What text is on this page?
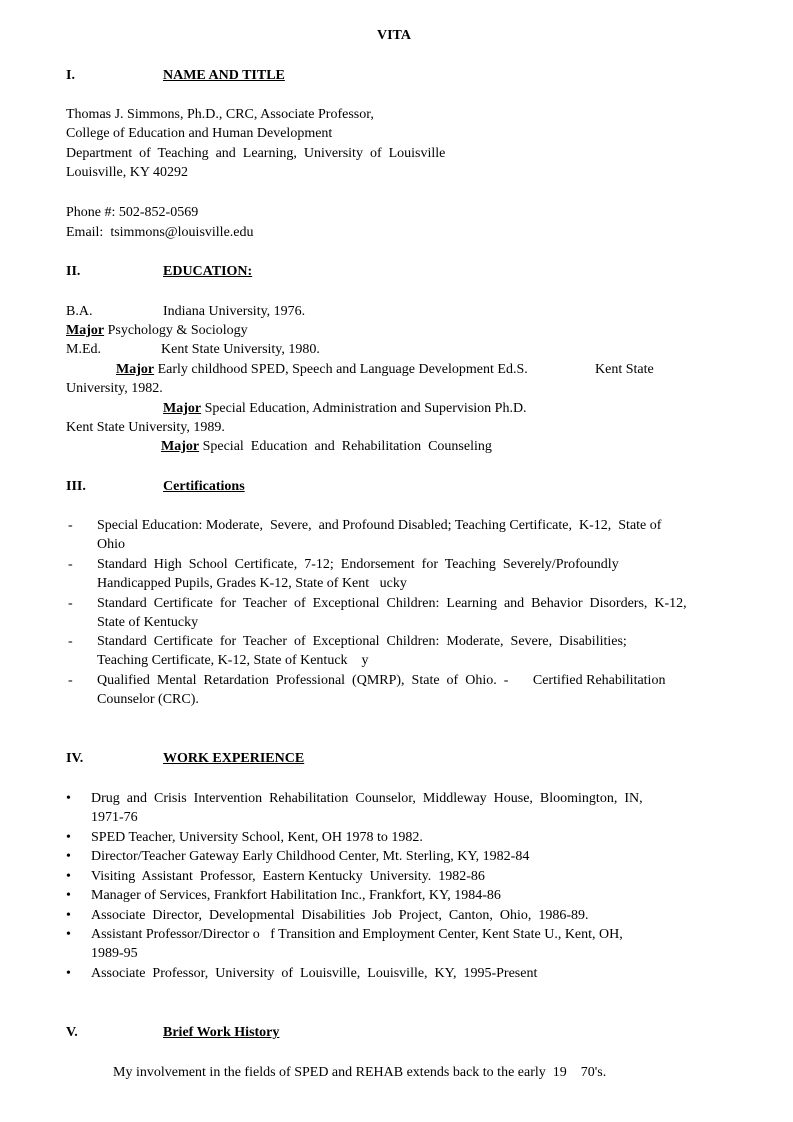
VITA
I.	NAME AND TITLE
Thomas J. Simmons, Ph.D., CRC, Associate Professor,
College of Education and Human Development
Department  of  Teaching  and  Learning,  University  of  Louisville
Louisville, KY 40292
Phone #: 502-852-0569
Email:  tsimmons@louisville.edu
II.	EDUCATION:
B.A.	Indiana University, 1976.
Major Psychology & Sociology
M.Ed.	Kent State University, 1980.
Major Early childhood SPED, Speech and Language Development Ed.S.	Kent State
University, 1982.
Major Special Education, Administration and Supervision Ph.D.
Kent State University, 1989.
Major Special  Education  and  Rehabilitation  Counseling
III.	Certifications
- Special Education: Moderate,  Severe,  and Profound Disabled; Teaching Certificate,  K-12,  State of
Ohio
- Standard  High  School  Certificate,  7-12;  Endorsement  for  Teaching  Severely/Profoundly
Handicapped Pupils, Grades K-12, State of Kent   ucky
- Standard  Certificate  for  Teacher  of  Exceptional  Children:  Learning  and  Behavior  Disorders,  K-12,
State of Kentucky
- Standard  Certificate  for  Teacher  of  Exceptional  Children:  Moderate,  Severe,  Disabilities;
Teaching Certificate, K-12, State of Kentuck    y
- Qualified  Mental  Retardation  Professional  (QMRP),  State  of  Ohio.  -       Certified Rehabilitation
Counselor (CRC).
IV.	WORK EXPERIENCE
• Drug  and  Crisis  Intervention  Rehabilitation  Counselor,  Middleway  House,  Bloomington,  IN,
1971-76
• SPED Teacher, University School, Kent, OH 1978 to 1982.
• Director/Teacher Gateway Early Childhood Center, Mt. Sterling, KY, 1982-84
• Visiting  Assistant  Professor,  Eastern Kentucky  University.  1982-86
• Manager of Services, Frankfort Habilitation Inc., Frankfort, KY, 1984-86
• Associate  Director,  Developmental  Disabilities  Job  Project,  Canton,  Ohio,  1986-89.
• Assistant Professor/Director o   f Transition and Employment Center, Kent State U., Kent, OH,
1989-95
• Associate  Professor,  University  of  Louisville,  Louisville,  KY,  1995-Present
V.	Brief Work History
My involvement in the fields of SPED and REHAB extends back to the early  19    70's.
